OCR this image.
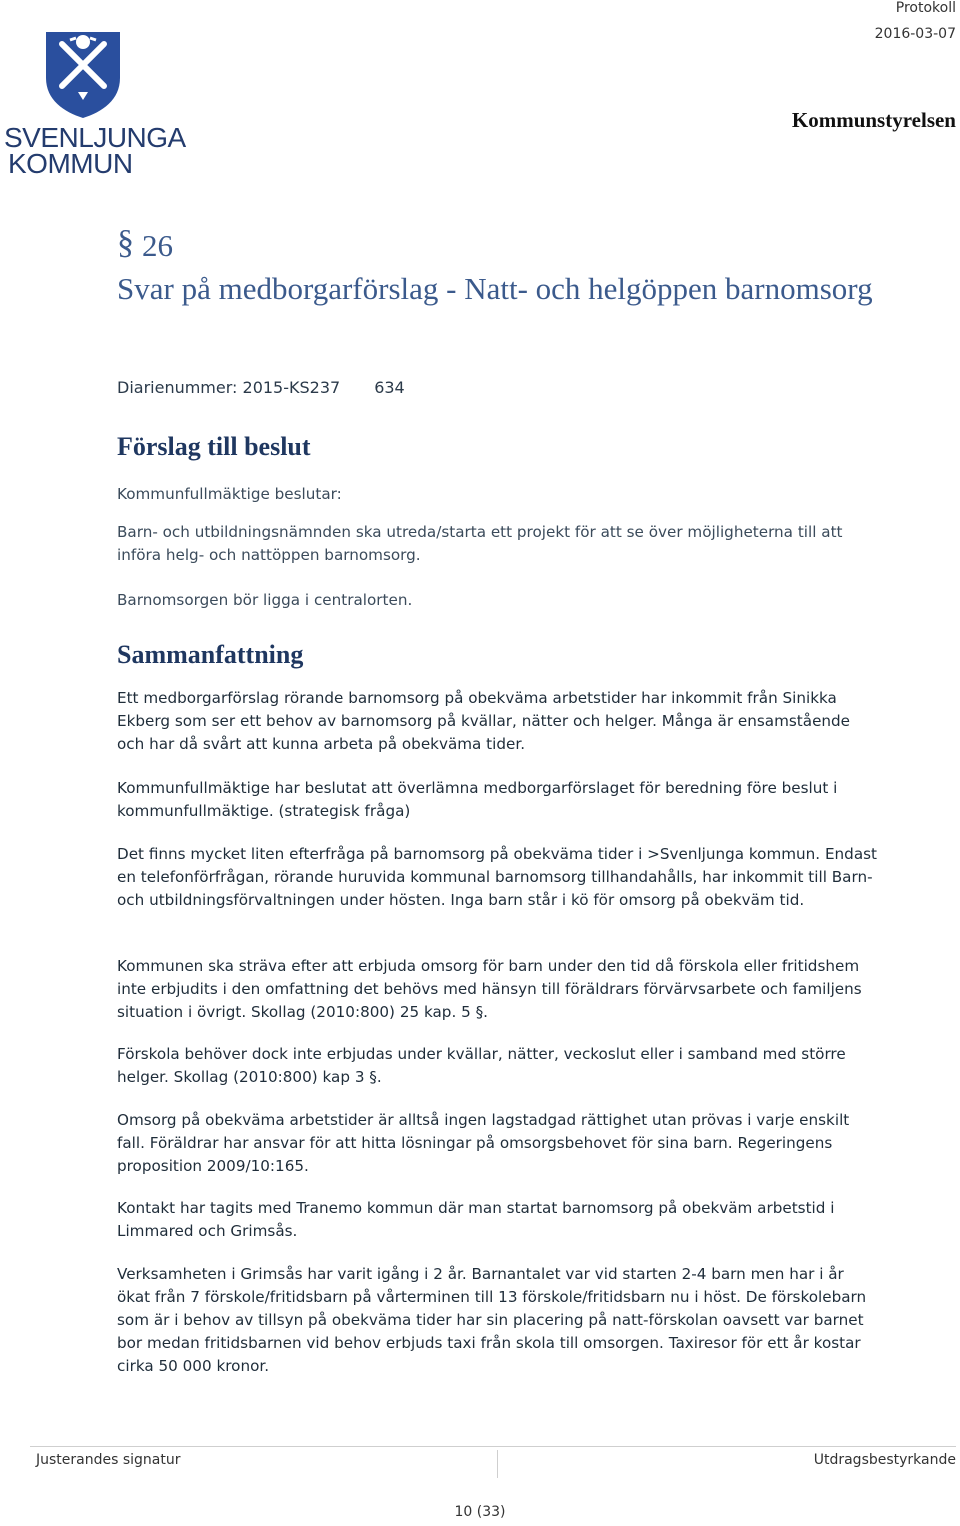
SVENLJUNGA
KOMMUN
Protokoll
2016-03-07
Kommunstyrelsen
§ 26
Svar på medborgarförslag - Natt- och helgöppen barnomsorg
Diarienummer: 2015-KS237 634
Förslag till beslut
Kommunfullmäktige beslutar:
Barn- och utbildningsnämnden ska utreda/starta ett projekt för att se över möjligheterna till att införa helg- och nattöppen barnomsorg.
Barnomsorgen bör ligga i centralorten.
Sammanfattning
Ett medborgarförslag rörande barnomsorg på obekväma arbetstider har inkommit från Sinikka Ekberg som ser ett behov av barnomsorg på kvällar, nätter och helger. Många är ensamstående och har då svårt att kunna arbeta på obekväma tider.
Kommunfullmäktige har beslutat att överlämna medborgarförslaget för beredning före beslut i kommunfullmäktige. (strategisk fråga)
Det finns mycket liten efterfråga på barnomsorg på obekväma tider i >Svenljunga kommun. Endast en telefonförfrågan, rörande huruvida kommunal barnomsorg tillhandahålls, har inkommit till Barn- och utbildningsförvaltningen under hösten. Inga barn står i kö för omsorg på obekväm tid.
Kommunen ska sträva efter att erbjuda omsorg för barn under den tid då förskola eller fritidshem inte erbjudits i den omfattning det behövs med hänsyn till föräldrars förvärvsarbete och familjens situation i övrigt. Skollag (2010:800) 25 kap. 5 §.
Förskola behöver dock inte erbjudas under kvällar, nätter, veckoslut eller i samband med större helger. Skollag (2010:800) kap 3 §.
Omsorg på obekväma arbetstider är alltså ingen lagstadgad rättighet utan prövas i varje enskilt fall. Föräldrar har ansvar för att hitta lösningar på omsorgsbehovet för sina barn. Regeringens proposition 2009/10:165.
Kontakt har tagits med Tranemo kommun där man startat barnomsorg på obekväm arbetstid i Limmared och Grimsås.
Verksamheten i Grimsås har varit igång i 2 år. Barnantalet var vid starten 2-4 barn men har i år ökat från 7 förskole/fritidsbarn på vårterminen till 13 förskole/fritidsbarn nu i höst. De förskolebarn som är i behov av tillsyn på obekväma tider har sin placering på natt-förskolan oavsett var barnet bor medan fritidsbarnen vid behov erbjuds taxi från skola till omsorgen. Taxiresor för ett år kostar cirka 50 000 kronor.
Justerandes signatur	Utdragsbestyrkande
10 (33)
